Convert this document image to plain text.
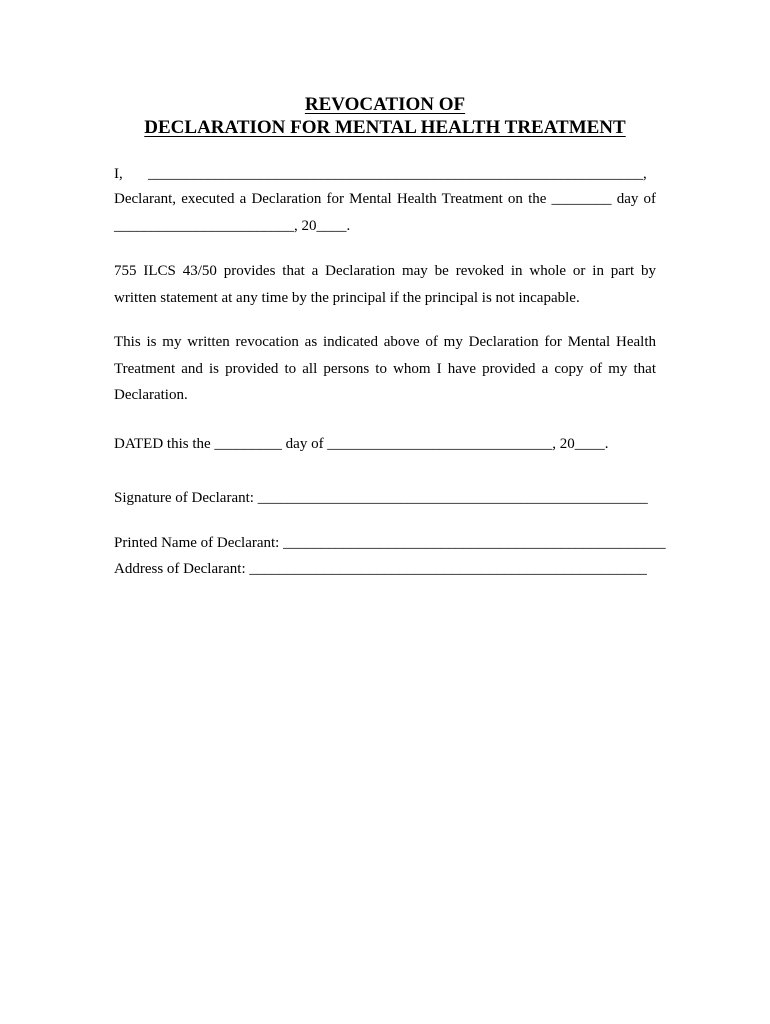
REVOCATION OF
DECLARATION FOR MENTAL HEALTH TREATMENT
I, __________________________________________________________________,

Declarant, executed a Declaration for Mental Health Treatment on the ________ day of ________________________, 20____.

755 ILCS 43/50 provides that a Declaration may be revoked in whole or in part by
written statement at any time by the principal if the principal is not incapable.

This is my written revocation as indicated above of my Declaration for Mental Health Treatment and is provided to all persons to whom I have provided a copy of my that Declaration.

DATED this the _________ day of ______________________________, 20____.
Signature of Declarant: ____________________________________________________
Printed Name of Declarant: ___________________________________________________
Address of Declarant: _____________________________________________________
